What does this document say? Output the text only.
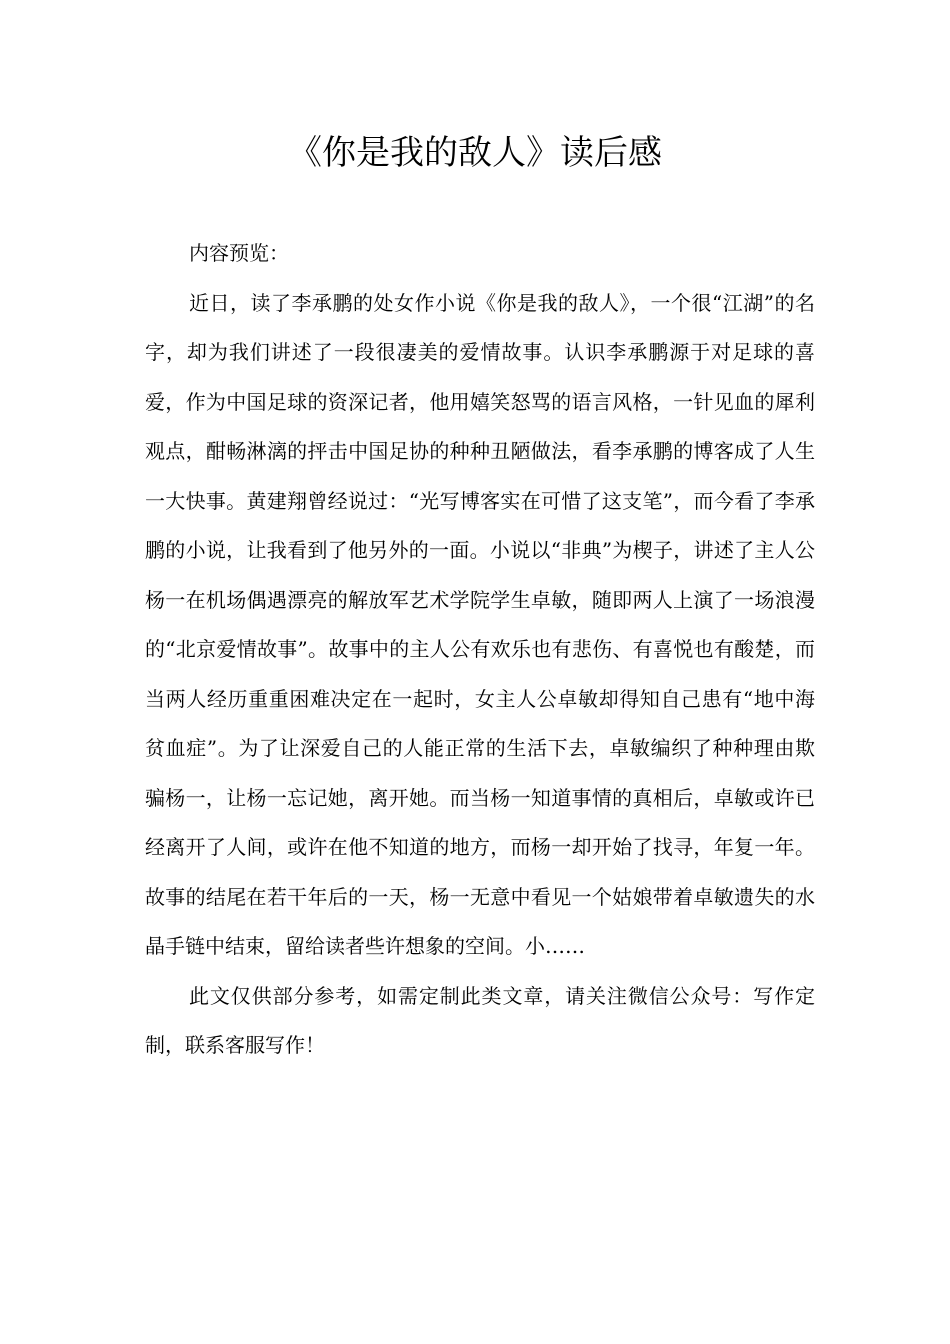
《你是我的敌人》读后感

内容预览：

近日，读了李承鹏的处女作小说《你是我的敌人》，一个很“江湖”的名字，却为我们讲述了一段很凄美的爱情故事。认识李承鹏源于对足球的喜爱，作为中国足球的资深记者，他用嬉笑怒骂的语言风格，一针见血的犀利观点，酣畅淋漓的抨击中国足协的种种丑陋做法，看李承鹏的博客成了人生一大快事。黄建翔曾经说过：“光写博客实在可惜了这支笔”，而今看了李承鹏的小说，让我看到了他另外的一面。小说以“非典”为楔子，讲述了主人公杨一在机场偶遇漂亮的解放军艺术学院学生卓敏，随即两人上演了一场浪漫的“北京爱情故事”。故事中的主人公有欢乐也有悲伤、有喜悦也有酸楚，而当两人经历重重困难决定在一起时，女主人公卓敏却得知自己患有“地中海贫血症”。为了让深爱自己的人能正常的生活下去，卓敏编织了种种理由欺骗杨一，让杨一忘记她，离开她。而当杨一知道事情的真相后，卓敏或许已经离开了人间，或许在他不知道的地方，而杨一却开始了找寻，年复一年。故事的结尾在若干年后的一天，杨一无意中看见一个姑娘带着卓敏遗失的水晶手链中结束，留给读者些许想象的空间。小……

此文仅供部分参考，如需定制此类文章，请关注微信公众号：写作定制，联系客服写作！
